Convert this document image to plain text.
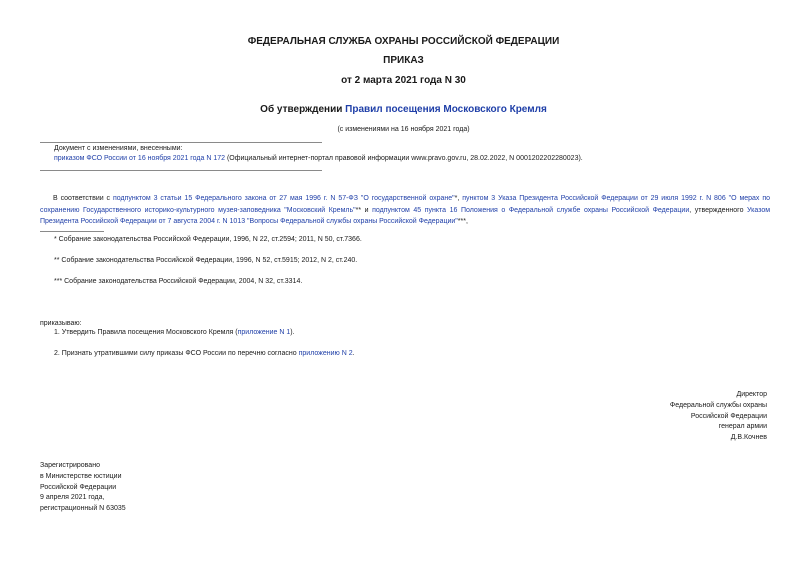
ФЕДЕРАЛЬНАЯ СЛУЖБА ОХРАНЫ РОССИЙСКОЙ ФЕДЕРАЦИИ
ПРИКАЗ
от 2 марта 2021 года N 30
Об утверждении Правил посещения Московского Кремля
(с изменениями на 16 ноября 2021 года)
Документ с изменениями, внесенными:
приказом ФСО России от 16 ноября 2021 года N 172 (Официальный интернет-портал правовой информации www.pravo.gov.ru, 28.02.2022, N 0001202202280023).
В соответствии с подпунктом 3 статьи 15 Федерального закона от 27 мая 1996 г. N 57-ФЗ "О государственной охране"*, пунктом 3 Указа Президента Российской Федерации от 29 июля 1992 г. N 806 "О мерах по сохранению Государственного историко-культурного музея-заповедника "Московский Кремль"** и подпунктом 45 пункта 16 Положения о Федеральной службе охраны Российской Федерации, утвержденного Указом Президента Российской Федерации от 7 августа 2004 г. N 1013 "Вопросы Федеральной службы охраны Российской Федерации"***,
* Собрание законодательства Российской Федерации, 1996, N 22, ст.2594; 2011, N 50, ст.7366.
** Собрание законодательства Российской Федерации, 1996, N 52, ст.5915; 2012, N 2, ст.240.
*** Собрание законодательства Российской Федерации, 2004, N 32, ст.3314.
приказываю:
1. Утвердить Правила посещения Московского Кремля (приложение N 1).
2. Признать утратившими силу приказы ФСО России по перечню согласно приложению N 2.
Директор
Федеральной службы охраны
Российской Федерации
генерал армии
Д.В.Кочнев
Зарегистрировано
в Министерстве юстиции
Российской Федерации
9 апреля 2021 года,
регистрационный N 63035
